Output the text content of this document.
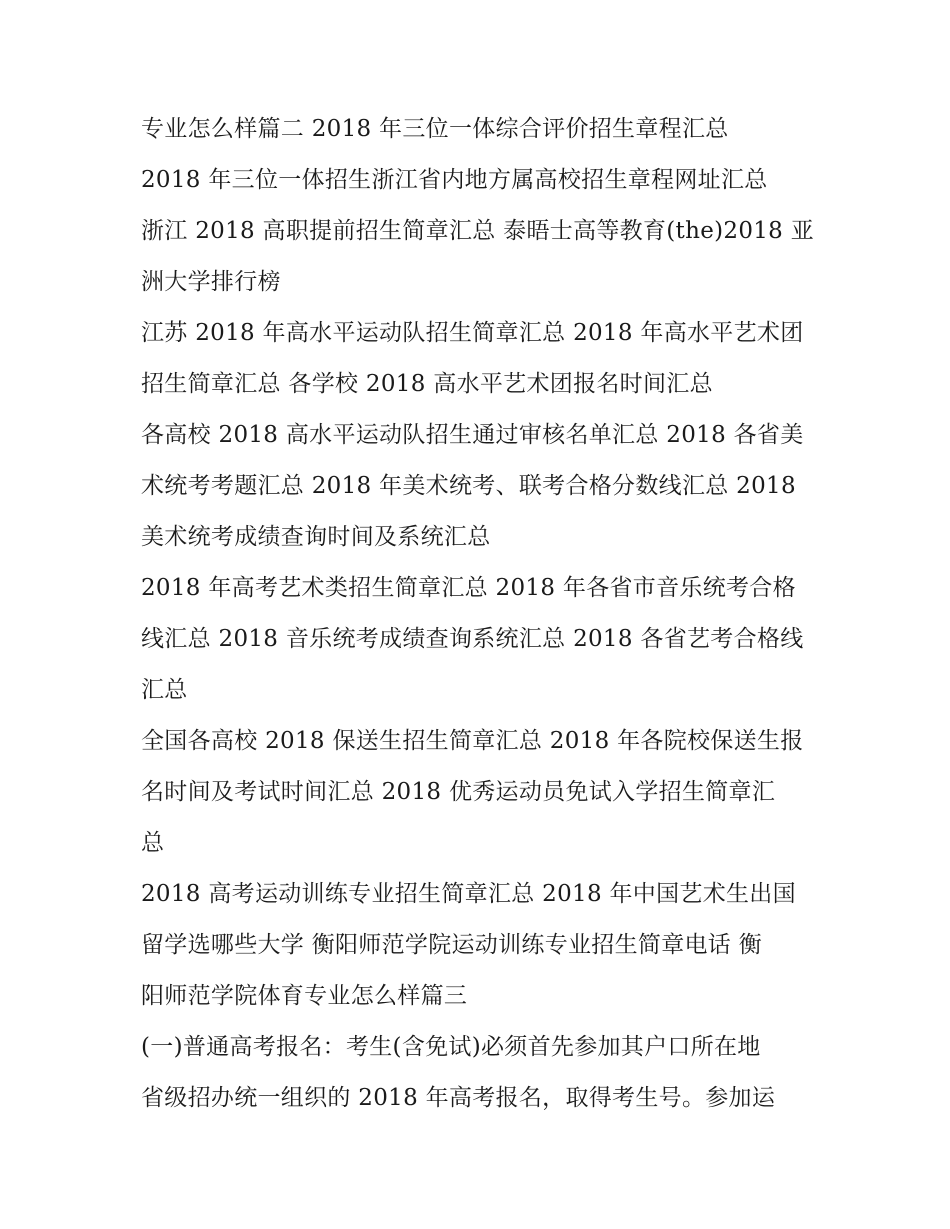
专业怎么样篇二 2018 年三位一体综合评价招生章程汇总
2018 年三位一体招生浙江省内地方属高校招生章程网址汇总
浙江 2018 高职提前招生简章汇总 泰晤士高等教育(the)2018 亚
洲大学排行榜
江苏 2018 年高水平运动队招生简章汇总 2018 年高水平艺术团
招生简章汇总 各学校 2018 高水平艺术团报名时间汇总
各高校 2018 高水平运动队招生通过审核名单汇总 2018 各省美
术统考考题汇总 2018 年美术统考、联考合格分数线汇总 2018
美术统考成绩查询时间及系统汇总
2018 年高考艺术类招生简章汇总 2018 年各省市音乐统考合格
线汇总 2018 音乐统考成绩查询系统汇总 2018 各省艺考合格线
汇总
全国各高校 2018 保送生招生简章汇总 2018 年各院校保送生报
名时间及考试时间汇总 2018 优秀运动员免试入学招生简章汇
总
2018 高考运动训练专业招生简章汇总 2018 年中国艺术生出国
留学选哪些大学 衡阳师范学院运动训练专业招生简章电话 衡
阳师范学院体育专业怎么样篇三
(一)普通高考报名：考生(含免试)必须首先参加其户口所在地
省级招办统一组织的 2018 年高考报名，取得考生号。参加运
